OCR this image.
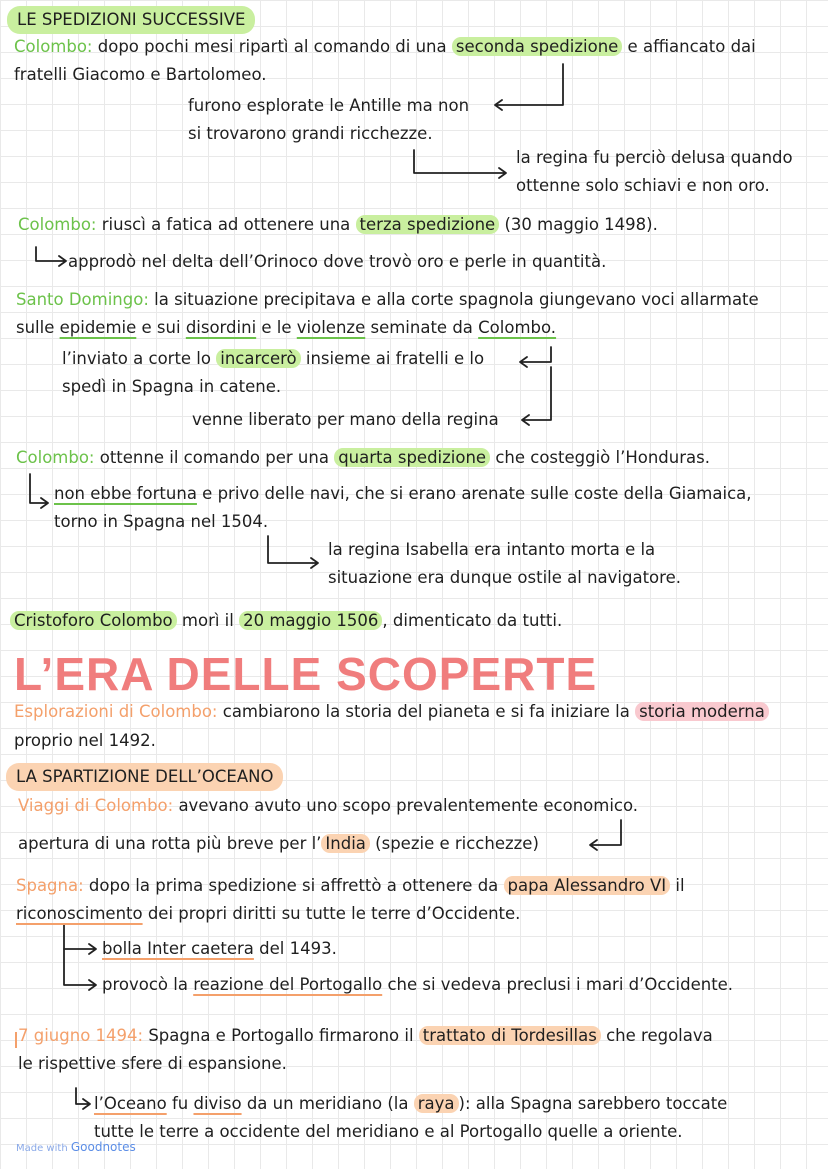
LE SPEDIZIONI SUCCESSIVE
Colombo: dopo pochi mesi ripartì al comando di una seconda spedizione e affiancato dai
fratelli Giacomo e Bartolomeo.
furono esplorate le Antille ma non
si trovarono grandi ricchezze.
la regina fu perciò delusa quando
ottenne solo schiavi e non oro.
Colombo: riuscì a fatica ad ottenere una terza spedizione (30 maggio 1498).
approdò nel delta dell’Orinoco dove trovò oro e perle in quantità.
Santo Domingo: la situazione precipitava e alla corte spagnola giungevano voci allarmate
sulle epidemie e sui disordini e le violenze seminate da Colombo.
l’inviato a corte lo incarcerò insieme ai fratelli e lo
spedì in Spagna in catene.
venne liberato per mano della regina
Colombo: ottenne il comando per una quarta spedizione che costeggiò l’Honduras.
non ebbe fortuna e privo delle navi, che si erano arenate sulle coste della Giamaica,
torno in Spagna nel 1504.
la regina Isabella era intanto morta e la
situazione era dunque ostile al navigatore.
Cristoforo Colombo morì il 20 maggio 1506 , dimenticato da tutti.
L’ERA DELLE SCOPERTE
Esplorazioni di Colombo: cambiarono la storia del pianeta e si fa iniziare la storia moderna
proprio nel 1492.
LA SPARTIZIONE DELL’OCEANO
Viaggi di Colombo: avevano avuto uno scopo prevalentemente economico.
apertura di una rotta più breve per l’ India (spezie e ricchezze)
Spagna: dopo la prima spedizione si affrettò a ottenere da papa Alessandro VI il
riconoscimento dei propri diritti su tutte le terre d’Occidente.
bolla Inter caetera del 1493.
provocò la reazione del Portogallo che si vedeva preclusi i mari d’Occidente.
7 giugno 1494: Spagna e Portogallo firmarono il trattato di Tordesillas che regolava
le rispettive sfere di espansione.
l’Oceano fu diviso da un meridiano (la raya ): alla Spagna sarebbero toccate
tutte le terre a occidente del meridiano e al Portogallo quelle a oriente.
Made with Goodnotes
